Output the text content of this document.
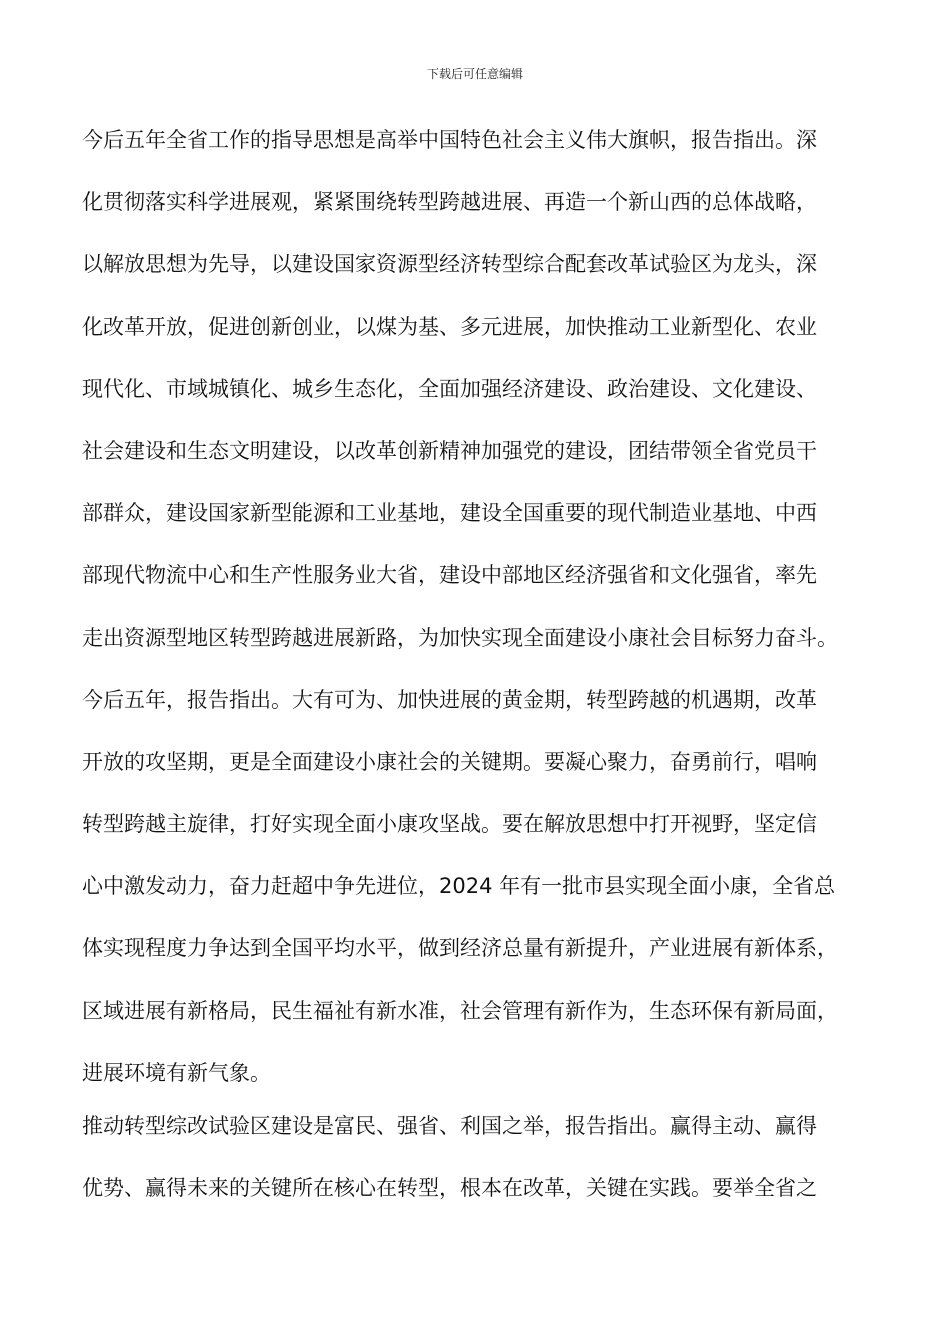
下载后可任意编辑
今后五年全省工作的指导思想是高举中国特色社会主义伟大旗帜，报告指出。深
化贯彻落实科学进展观，紧紧围绕转型跨越进展、再造一个新山西的总体战略，
以解放思想为先导，以建设国家资源型经济转型综合配套改革试验区为龙头，深
化改革开放，促进创新创业，以煤为基、多元进展，加快推动工业新型化、农业
现代化、市域城镇化、城乡生态化，全面加强经济建设、政治建设、文化建设、
社会建设和生态文明建设，以改革创新精神加强党的建设，团结带领全省党员干
部群众，建设国家新型能源和工业基地，建设全国重要的现代制造业基地、中西
部现代物流中心和生产性服务业大省，建设中部地区经济强省和文化强省，率先
走出资源型地区转型跨越进展新路，为加快实现全面建设小康社会目标努力奋斗。
今后五年，报告指出。大有可为、加快进展的黄金期，转型跨越的机遇期，改革
开放的攻坚期，更是全面建设小康社会的关键期。要凝心聚力，奋勇前行，唱响
转型跨越主旋律，打好实现全面小康攻坚战。要在解放思想中打开视野，坚定信
心中激发动力，奋力赶超中争先进位，2024 年有一批市县实现全面小康，全省总
体实现程度力争达到全国平均水平，做到经济总量有新提升，产业进展有新体系，
区域进展有新格局，民生福祉有新水准，社会管理有新作为，生态环保有新局面，
进展环境有新气象。
推动转型综改试验区建设是富民、强省、利国之举，报告指出。赢得主动、赢得
优势、赢得未来的关键所在核心在转型，根本在改革，关键在实践。要举全省之
